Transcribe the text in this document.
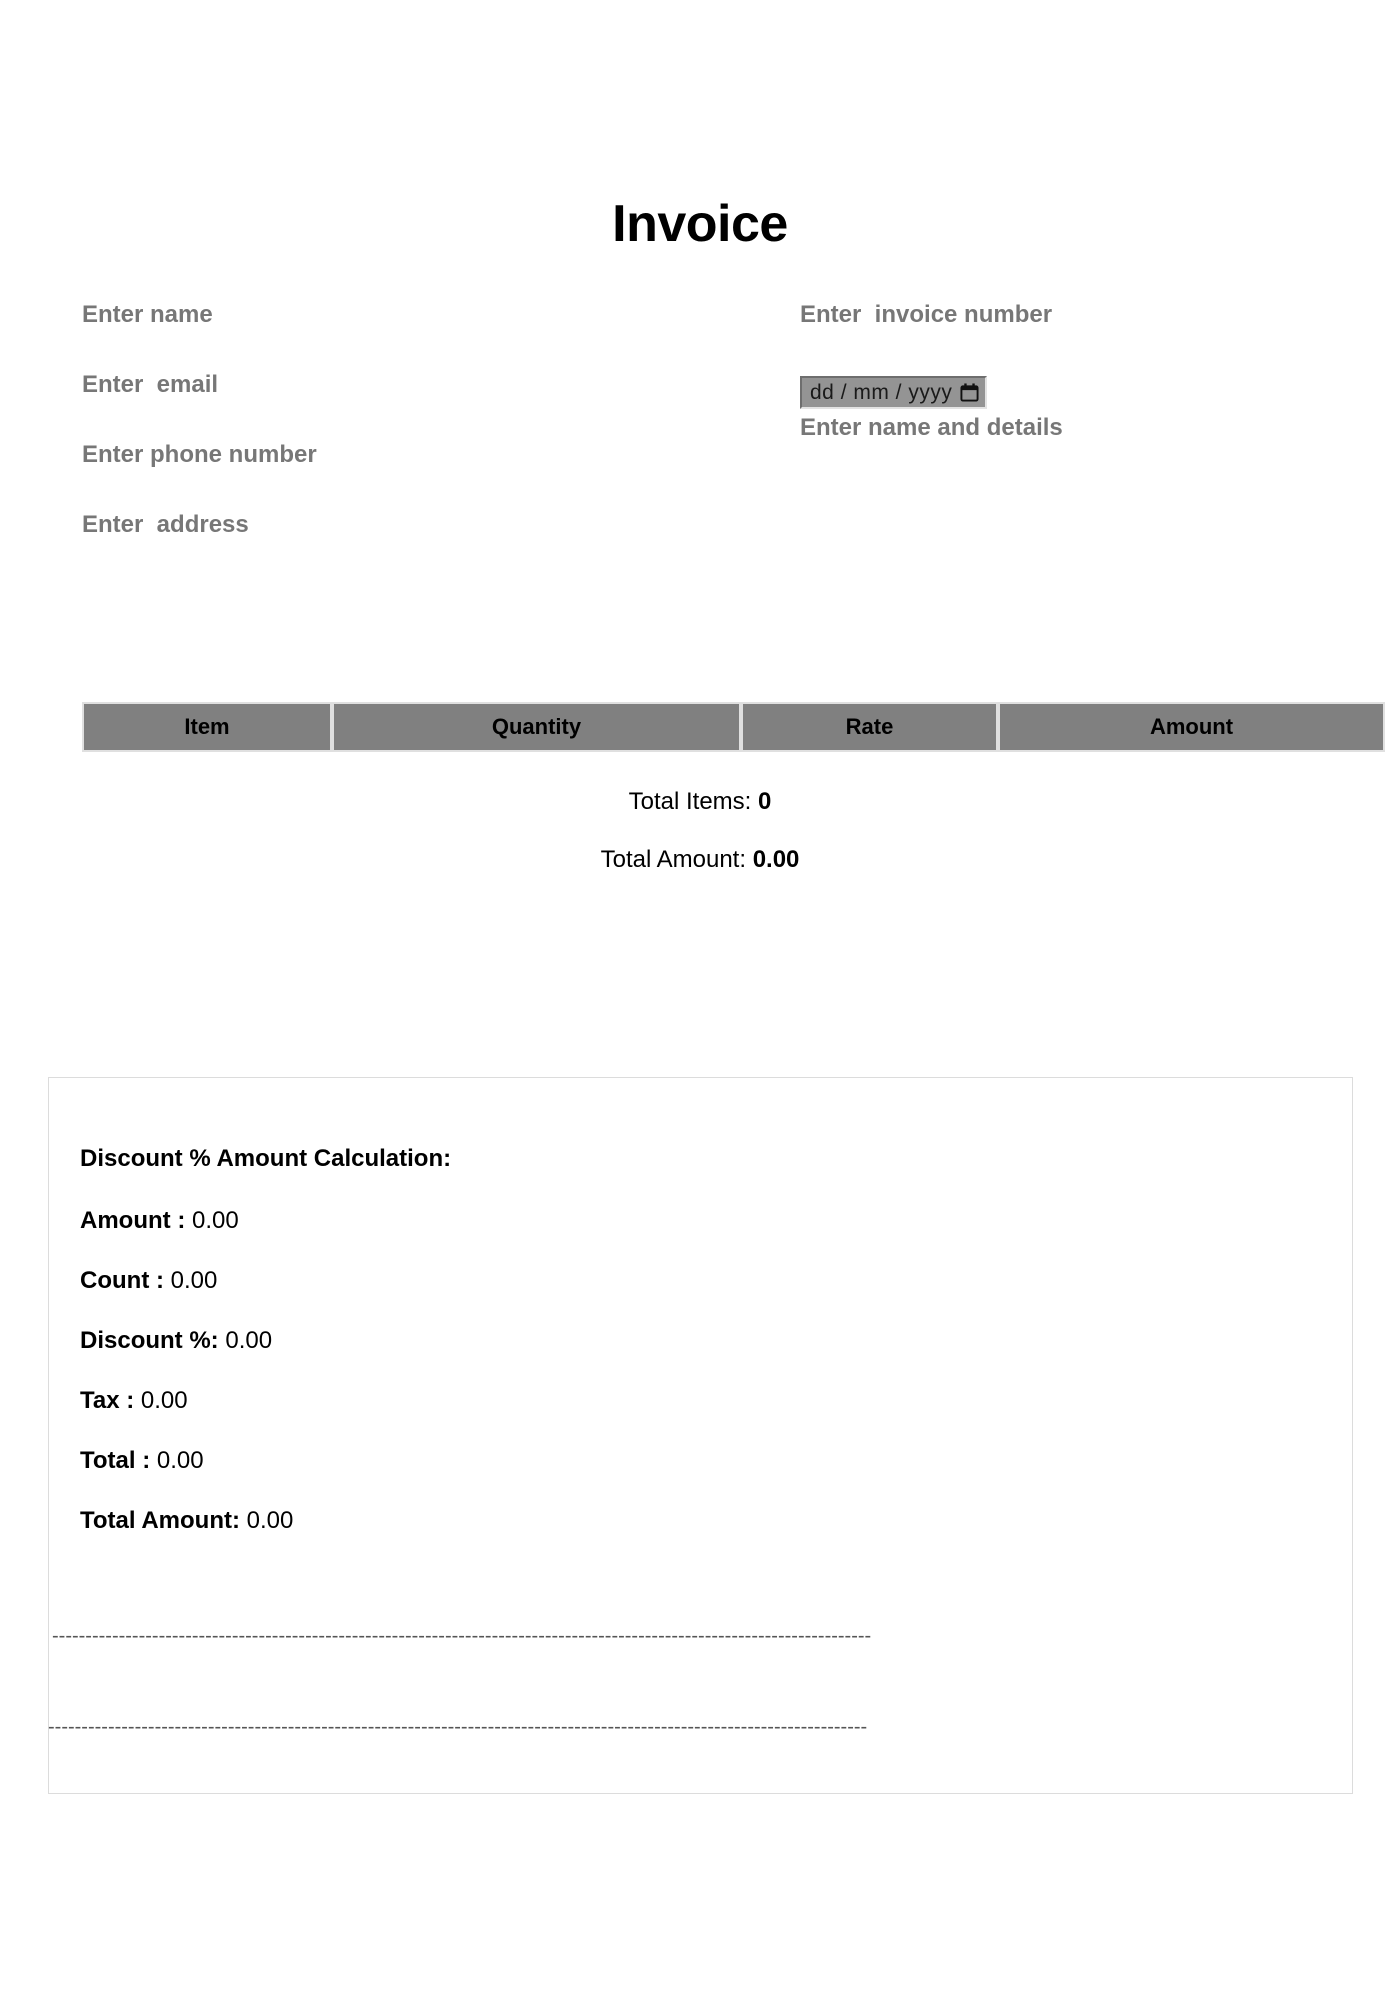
Invoice
Enter name
Enter email
Enter phone number
Enter address
Enter invoice number
dd / mm / yyyy
Enter name and details
Item	Quantity	Rate	Amount
Total Items: 0
Total Amount: 0.00
Discount % Amount Calculation:
Amount : 0.00
Count : 0.00
Discount %: 0.00
Tax : 0.00
Total : 0.00
Total Amount: 0.00
---------------------------------------------------------------------------------------------------------------------------
---------------------------------------------------------------------------------------------------------------------------
